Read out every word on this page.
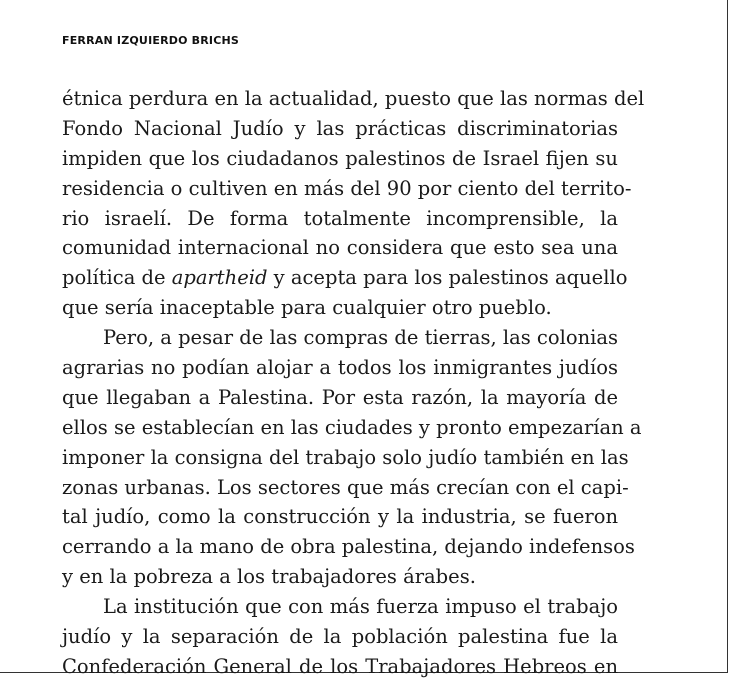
FERRAN IZQUIERDO BRICHS
étnica perdura en la actualidad, puesto que las normas del
Fondo Nacional Judío y las prácticas discriminatorias
impiden que los ciudadanos palestinos de Israel fijen su
residencia o cultiven en más del 90 por ciento del territo-
rio israelí. De forma totalmente incomprensible, la
comunidad internacional no considera que esto sea una
política de apartheid y acepta para los palestinos aquello
que sería inaceptable para cualquier otro pueblo.
Pero, a pesar de las compras de tierras, las colonias
agrarias no podían alojar a todos los inmigrantes judíos
que llegaban a Palestina. Por esta razón, la mayoría de
ellos se establecían en las ciudades y pronto empezarían a
imponer la consigna del trabajo solo judío también en las
zonas urbanas. Los sectores que más crecían con el capi-
tal judío, como la construcción y la industria, se fueron
cerrando a la mano de obra palestina, dejando indefensos
y en la pobreza a los trabajadores árabes.
La institución que con más fuerza impuso el trabajo
judío y la separación de la población palestina fue la
Confederación General de los Trabajadores Hebreos en
